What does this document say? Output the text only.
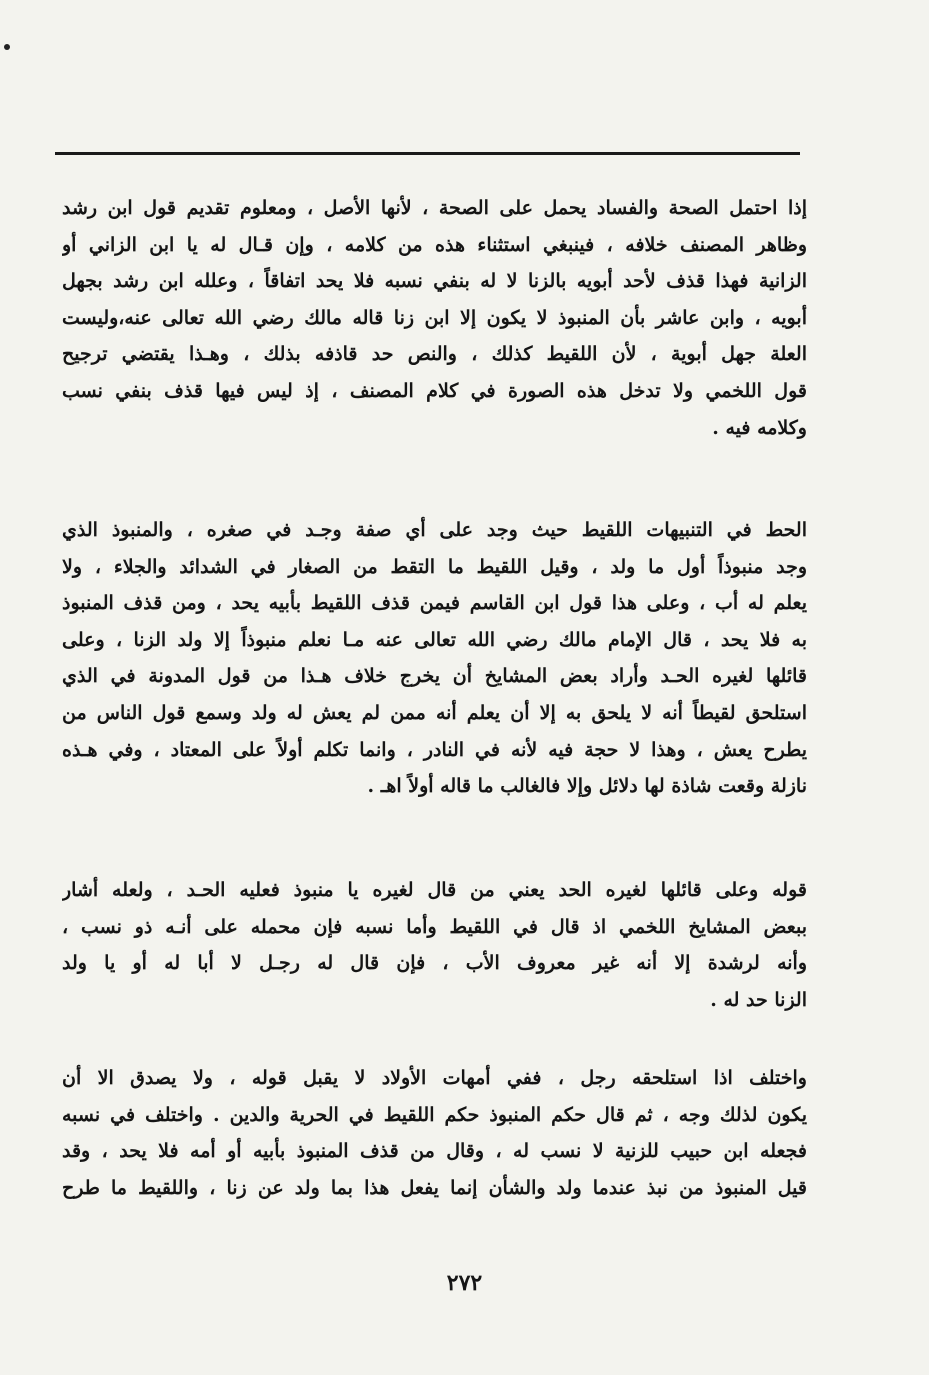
إذا احتمل الصحة والفساد يحمل على الصحة ، لأنها الأصل ، ومعلوم تقديم قول ابن رشد
وظاهر المصنف خلافه ، فينبغي استثناء هذه من كلامه ، وإن قـال له يا ابن الزاني أو
الزانية فهذا قذف لأحد أبويه بالزنا لا له بنفي نسبه فلا يحد اتفاقاً ، وعلله ابن رشد بجهل
أبويه ، وابن عاشر بأن المنبوذ لا يكون إلا ابن زنا قاله مالك رضي الله تعالى عنه،وليست
العلة جهل أبوية ، لأن اللقيط كذلك ، والنص حد قاذفه بذلك ، وهـذا يقتضي ترجيح
قول اللخمي ولا تدخل هذه الصورة في كلام المصنف ، إذ ليس فيها قذف بنفي نسب
وكلامه فيه .
الحط في التنبيهات اللقيط حيث وجد على أي صفة وجـد في صغره ، والمنبوذ الذي
وجد منبوذاً أول ما ولد ، وقيل اللقيط ما التقط من الصغار في الشدائد والجلاء ، ولا
يعلم له أب ، وعلى هذا قول ابن القاسم فيمن قذف اللقيط بأبيه يحد ، ومن قذف المنبوذ
به فلا يحد ، قال الإمام مالك رضي الله تعالى عنه مـا نعلم منبوذاً إلا ولد الزنا ، وعلى
قائلها لغيره الحـد وأراد بعض المشايخ أن يخرج خلاف هـذا من قول المدونة في الذي
استلحق لقيطاً أنه لا يلحق به إلا أن يعلم أنه ممن لم يعش له ولد وسمع قول الناس من
يطرح يعش ، وهذا لا حجة فيه لأنه في النادر ، وانما تكلم أولاً على المعتاد ، وفي هـذه
نازلة وقعت شاذة لها دلائل وإلا فالغالب ما قاله أولاً اهـ .
قوله وعلى قائلها لغيره الحد يعني من قال لغيره يا منبوذ فعليه الحـد ، ولعله أشار
ببعض المشايخ اللخمي اذ قال في اللقيط وأما نسبه فإن محمله على أنـه ذو نسب ،
وأنه لرشدة إلا أنه غير معروف الأب ، فإن قال له رجـل لا أبا له أو يا ولد
الزنا حد له .
واختلف اذا استلحقه رجل ، ففي أمهات الأولاد لا يقبل قوله ، ولا يصدق الا أن
يكون لذلك وجه ، ثم قال حكم المنبوذ حكم اللقيط في الحرية والدين . واختلف في نسبه
فجعله ابن حبيب للزنية لا نسب له ، وقال من قذف المنبوذ بأبيه أو أمه فلا يحد ، وقد
قيل المنبوذ من نبذ عندما ولد والشأن إنما يفعل هذا بما ولد عن زنا ، واللقيط ما طرح
٢٧٢
